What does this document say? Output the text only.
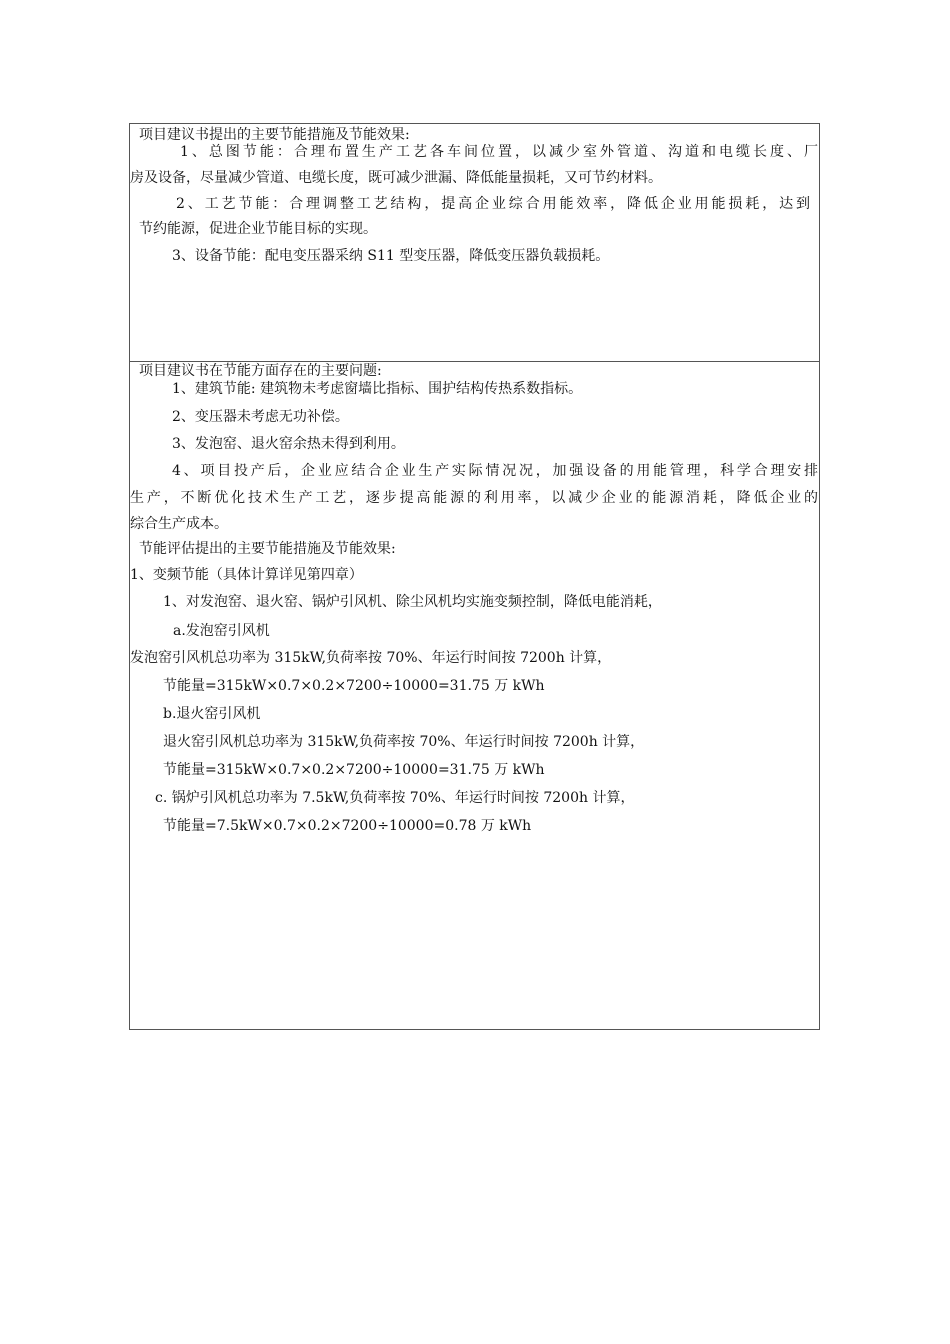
项目建议书提出的主要节能措施及节能效果:
1、总图节能：合理布置生产工艺各车间位置，以减少室外管道、沟道和电缆长度、厂
房及设备，尽量减少管道、电缆长度，既可减少泄漏、降低能量损耗，又可节约材料。
2、工艺节能：合理调整工艺结构，提高企业综合用能效率，降低企业用能损耗，达到
节约能源，促进企业节能目标的实现。
3、设备节能：配电变压器采纳 S11 型变压器，降低变压器负载损耗。
项目建议书在节能方面存在的主要问题:
1、建筑节能: 建筑物未考虑窗墙比指标、围护结构传热系数指标。
2、变压器未考虑无功补偿。
3、发泡窑、退火窑余热未得到利用。
4、项目投产后，企业应结合企业生产实际情况况，加强设备的用能管理，科学合理安排
生产，不断优化技术生产工艺，逐步提高能源的利用率，以减少企业的能源消耗，降低企业的
综合生产成本。
节能评估提出的主要节能措施及节能效果:
1、变频节能（具体计算详见第四章）
1、对发泡窑、退火窑、锅炉引风机、除尘风机均实施变频控制，降低电能消耗，
a.发泡窑引风机
发泡窑引风机总功率为 315kW,负荷率按 70%、年运行时间按 7200h 计算，
节能量=315kW×0.7×0.2×7200÷10000=31.75 万 kWh
b.退火窑引风机
退火窑引风机总功率为 315kW,负荷率按 70%、年运行时间按 7200h 计算，
节能量=315kW×0.7×0.2×7200÷10000=31.75 万 kWh
c. 锅炉引风机总功率为 7.5kW,负荷率按 70%、年运行时间按 7200h 计算，
节能量=7.5kW×0.7×0.2×7200÷10000=0.78 万 kWh
